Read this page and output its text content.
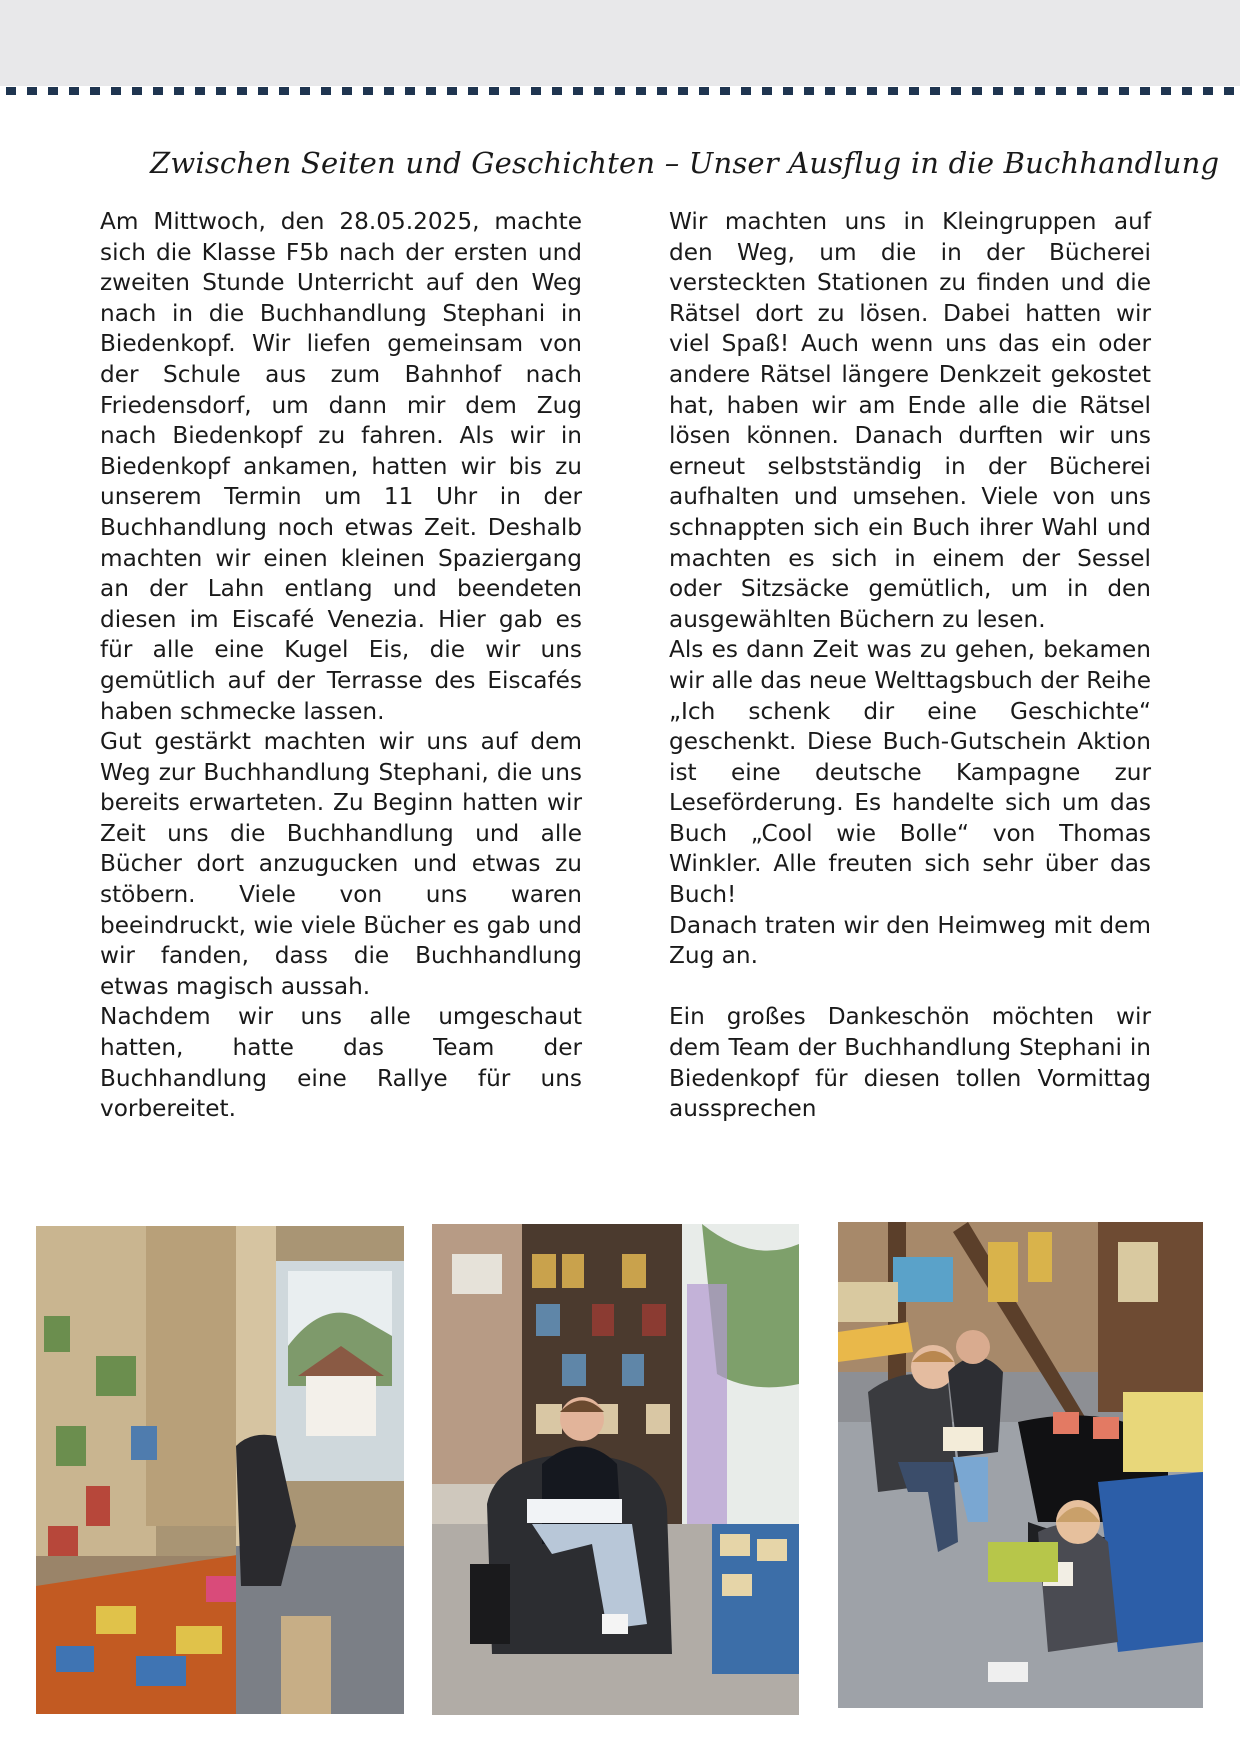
Zwischen Seiten und Geschichten – Unser Ausflug in die Buchhandlung

Am Mittwoch, den 28.05.2025, machte sich die Klasse F5b nach der ersten und zweiten Stunde Unterricht auf den Weg nach in die Buchhandlung Stephani in Biedenkopf. Wir liefen gemeinsam von der Schule aus zum Bahnhof nach Friedensdorf, um dann mir dem Zug nach Biedenkopf zu fahren. Als wir in Biedenkopf ankamen, hatten wir bis zu unserem Termin um 11 Uhr in der Buchhandlung noch etwas Zeit. Deshalb machten wir einen kleinen Spaziergang an der Lahn entlang und beendeten diesen im Eiscafé Venezia. Hier gab es für alle eine Kugel Eis, die wir uns gemütlich auf der Terrasse des Eiscafés haben schmecke lassen.

Gut gestärkt machten wir uns auf dem Weg zur Buchhandlung Stephani, die uns bereits erwarteten. Zu Beginn hatten wir Zeit uns die Buchhandlung und alle Bücher dort anzugucken und etwas zu stöbern. Viele von uns waren beeindruckt, wie viele Bücher es gab und wir fanden, dass die Buchhandlung etwas magisch aussah.

Nachdem wir uns alle umgeschaut hatten, hatte das Team der Buchhandlung eine Rallye für uns vorbereitet.

Wir machten uns in Kleingruppen auf den Weg, um die in der Bücherei versteckten Stationen zu finden und die Rätsel dort zu lösen. Dabei hatten wir viel Spaß! Auch wenn uns das ein oder andere Rätsel längere Denkzeit gekostet hat, haben wir am Ende alle die Rätsel lösen können. Danach durften wir uns erneut selbstständig in der Bücherei aufhalten und umsehen. Viele von uns schnappten sich ein Buch ihrer Wahl und machten es sich in einem der Sessel oder Sitzsäcke gemütlich, um in den ausgewählten Büchern zu lesen.

Als es dann Zeit was zu gehen, bekamen wir alle das neue Welttagsbuch der Reihe „Ich schenk dir eine Geschichte“ geschenkt. Diese Buch-Gutschein Aktion ist eine deutsche Kampagne zur Leseförderung. Es handelte sich um das Buch „Cool wie Bolle“ von Thomas Winkler. Alle freuten sich sehr über das Buch!

Danach traten wir den Heimweg mit dem Zug an.

Ein großes Dankeschön möchten wir dem Team der Buchhandlung Stephani in Biedenkopf für diesen tollen Vormittag aussprechen
